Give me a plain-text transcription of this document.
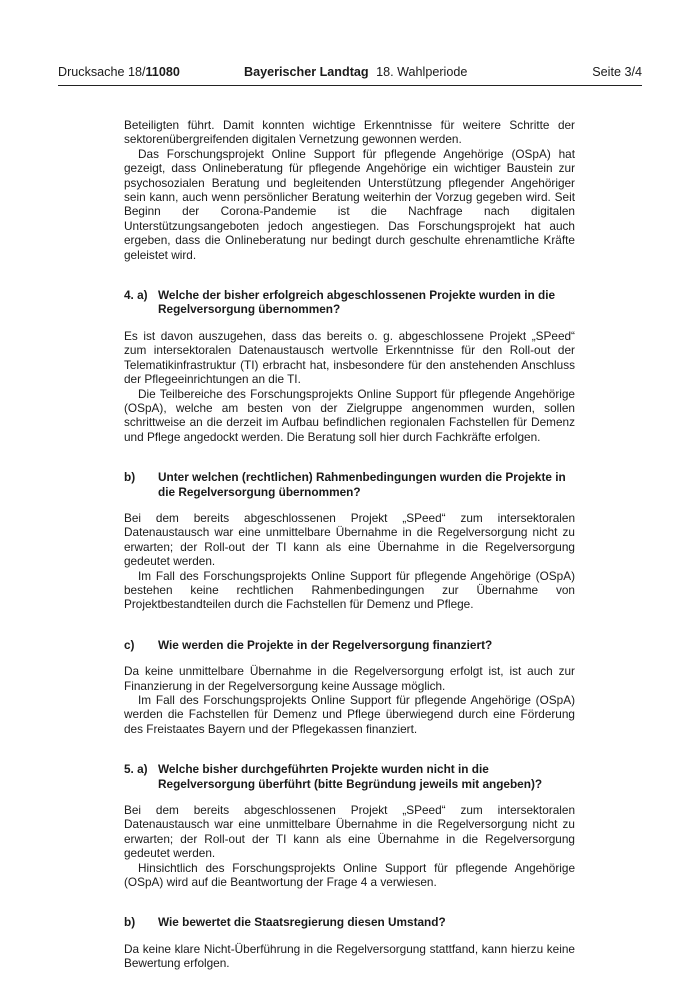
Drucksache 18/11080	Bayerischer Landtag 18. Wahlperiode	Seite 3/4

Beteiligten führt. Damit konnten wichtige Erkenntnisse für weitere Schritte der sektorenübergreifenden digitalen Vernetzung gewonnen werden.

Das Forschungsprojekt Online Support für pflegende Angehörige (OSpA) hat gezeigt, dass Onlineberatung für pflegende Angehörige ein wichtiger Baustein zur psychosozialen Beratung und begleitenden Unterstützung pflegender Angehöriger sein kann, auch wenn persönlicher Beratung weiterhin der Vorzug gegeben wird. Seit Beginn der Corona-Pandemie ist die Nachfrage nach digitalen Unterstützungsangeboten jedoch angestiegen. Das Forschungsprojekt hat auch ergeben, dass die Onlineberatung nur bedingt durch geschulte ehrenamtliche Kräfte geleistet wird.

4. a) Welche der bisher erfolgreich abgeschlossenen Projekte wurden in die Regelversorgung übernommen?

Es ist davon auszugehen, dass das bereits o. g. abgeschlossene Projekt „SPeed“ zum intersektoralen Datenaustausch wertvolle Erkenntnisse für den Roll-out der Telematikinfrastruktur (TI) erbracht hat, insbesondere für den anstehenden Anschluss der Pflegeeinrichtungen an die TI.

Die Teilbereiche des Forschungsprojekts Online Support für pflegende Angehörige (OSpA), welche am besten von der Zielgruppe angenommen wurden, sollen schrittweise an die derzeit im Aufbau befindlichen regionalen Fachstellen für Demenz und Pflege angedockt werden. Die Beratung soll hier durch Fachkräfte erfolgen.

b)	Unter welchen (rechtlichen) Rahmenbedingungen wurden die Projekte in die Regelversorgung übernommen?

Bei dem bereits abgeschlossenen Projekt „SPeed“ zum intersektoralen Datenaustausch war eine unmittelbare Übernahme in die Regelversorgung nicht zu erwarten; der Roll-out der TI kann als eine Übernahme in die Regelversorgung gedeutet werden.

Im Fall des Forschungsprojekts Online Support für pflegende Angehörige (OSpA) bestehen keine rechtlichen Rahmenbedingungen zur Übernahme von Projektbestandteilen durch die Fachstellen für Demenz und Pflege.

c)	Wie werden die Projekte in der Regelversorgung finanziert?

Da keine unmittelbare Übernahme in die Regelversorgung erfolgt ist, ist auch zur Finanzierung in der Regelversorgung keine Aussage möglich.

Im Fall des Forschungsprojekts Online Support für pflegende Angehörige (OSpA) werden die Fachstellen für Demenz und Pflege überwiegend durch eine Förderung des Freistaates Bayern und der Pflegekassen finanziert.

5. a) Welche bisher durchgeführten Projekte wurden nicht in die Regelversorgung überführt (bitte Begründung jeweils mit angeben)?

Bei dem bereits abgeschlossenen Projekt „SPeed“ zum intersektoralen Datenaustausch war eine unmittelbare Übernahme in die Regelversorgung nicht zu erwarten; der Roll-out der TI kann als eine Übernahme in die Regelversorgung gedeutet werden.

Hinsichtlich des Forschungsprojekts Online Support für pflegende Angehörige (OSpA) wird auf die Beantwortung der Frage 4 a verwiesen.

b)	Wie bewertet die Staatsregierung diesen Umstand?

Da keine klare Nicht-Überführung in die Regelversorgung stattfand, kann hierzu keine Bewertung erfolgen.
